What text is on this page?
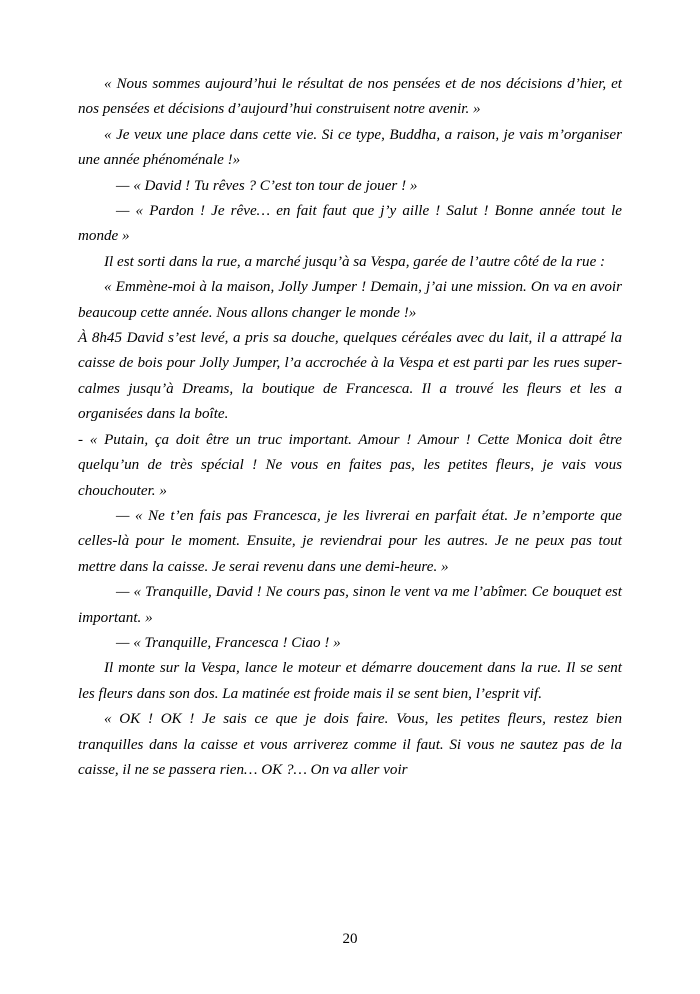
« Nous sommes aujourd’hui le résultat de nos pensées et de nos décisions d’hier, et nos pensées et décisions d’aujourd’hui construisent notre avenir. »

« Je veux une place dans cette vie. Si ce type, Buddha, a raison, je vais m’organiser une année phénoménale !»

— « David ! Tu rêves ? C’est ton tour de jouer ! »

— « Pardon ! Je rêve… en fait faut que j’y aille ! Salut ! Bonne année tout le monde »

Il est sorti dans la rue, a marché jusqu’à sa Vespa, garée de l’autre côté de la rue :

« Emmène-moi à la maison, Jolly Jumper ! Demain, j’ai une mission. On va en avoir beaucoup cette année. Nous allons changer le monde !»

À 8h45 David s’est levé, a pris sa douche, quelques céréales avec du lait, il a attrapé la caisse de bois pour Jolly Jumper, l’a accrochée à la Vespa et est parti par les rues super-calmes jusqu’à Dreams, la boutique de Francesca. Il a trouvé les fleurs et les a organisées dans la boîte.

- « Putain, ça doit être un truc important. Amour ! Amour ! Cette Monica doit être quelqu’un de très spécial ! Ne vous en faites pas, les petites fleurs, je vais vous chouchouter. »

— « Ne t’en fais pas Francesca, je les livrerai en parfait état. Je n’emporte que celles-là pour le moment. Ensuite, je reviendrai pour les autres. Je ne peux pas tout mettre dans la caisse. Je serai revenu dans une demi-heure. »

— « Tranquille, David ! Ne cours pas, sinon le vent va me l’abîmer. Ce bouquet est important. »

— « Tranquille, Francesca ! Ciao ! »

Il monte sur la Vespa, lance le moteur et démarre doucement dans la rue. Il se sent les fleurs dans son dos. La matinée est froide mais il se sent bien, l’esprit vif.

« OK ! OK ! Je sais ce que je dois faire. Vous, les petites fleurs, restez bien tranquilles dans la caisse et vous arriverez comme il faut. Si vous ne sautez pas de la caisse, il ne se passera rien… OK ?… On va aller voir

20
